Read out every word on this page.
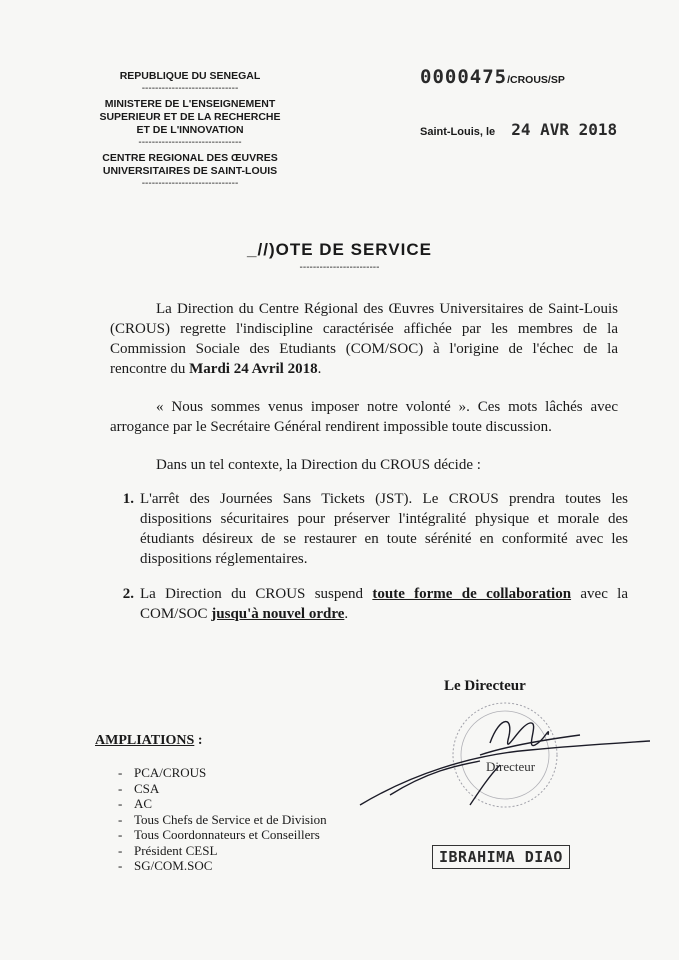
REPUBLIQUE DU SENEGAL
-----------------------------
MINISTERE DE L'ENSEIGNEMENT
SUPERIEUR ET DE LA RECHERCHE
ET DE L'INNOVATION
-------------------------------
CENTRE REGIONAL DES ŒUVRES
UNIVERSITAIRES DE SAINT-LOUIS
-----------------------------
0000475/CROUS/SP
Saint-Louis, le 24 AVR 2018
_//)OTE DE SERVICE
------------------------
La Direction du Centre Régional des Œuvres Universitaires de Saint-Louis (CROUS) regrette l'indiscipline caractérisée affichée par les membres de la Commission Sociale des Etudiants (COM/SOC) à l'origine de l'échec de la rencontre du Mardi 24 Avril 2018.
« Nous sommes venus imposer notre volonté ». Ces mots lâchés avec arrogance par le Secrétaire Général rendirent impossible toute discussion.
Dans un tel contexte, la Direction du CROUS décide :
1. L'arrêt des Journées Sans Tickets (JST). Le CROUS prendra toutes les dispositions sécuritaires pour préserver l'intégralité physique et morale des étudiants désireux de se restaurer en toute sérénité en conformité avec les dispositions réglementaires.
2. La Direction du CROUS suspend toute forme de collaboration avec la COM/SOC jusqu'à nouvel ordre.
Le Directeur
Directeur
IBRAHIMA DIAO
AMPLIATIONS :
- PCA/CROUS
- CSA
- AC
- Tous Chefs de Service et de Division
- Tous Coordonnateurs et Conseillers
- Président CESL
- SG/COM.SOC
